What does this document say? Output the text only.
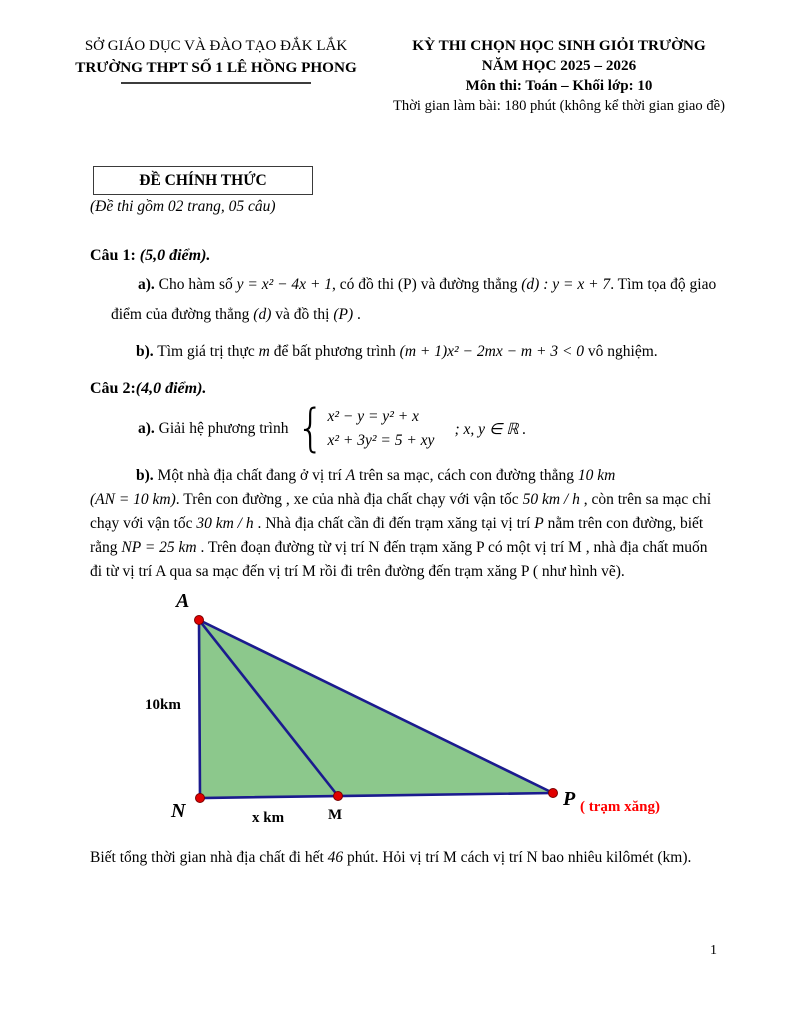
SỞ GIÁO DỤC VÀ ĐÀO TẠO ĐẮK LẮK
TRƯỜNG THPT SỐ 1 LÊ HỒNG PHONG
KỲ THI CHỌN HỌC SINH GIỎI TRƯỜNG
NĂM HỌC 2025 – 2026
Môn thi: Toán – Khối lớp: 10
Thời gian làm bài: 180 phút (không kể thời gian giao đề)
ĐỀ CHÍNH THỨC
(Đề thi gồm 02 trang, 05 câu)
Câu 1: (5,0 điểm).
a). Cho hàm số y = x² − 4x + 1, có đồ thi (P) và đường thẳng (d) : y = x + 7. Tìm tọa độ giao
điểm của đường thẳng (d) và đồ thị (P) .
b). Tìm giá trị thực m để bất phương trình (m + 1)x² − 2mx − m + 3 < 0 vô nghiệm.
Câu 2:(4,0 điểm).
a). Giải hệ phương trình { x² − y = y² + x
x² + 3y² = 5 + xy
; x, y ∈ ℝ .
b). Một nhà địa chất đang ở vị trí A trên sa mạc, cách con đường thẳng 10 km
(AN = 10 km). Trên con đường , xe của nhà địa chất chạy với vận tốc 50 km / h , còn trên sa mạc chỉ
chạy với vận tốc 30 km / h . Nhà địa chất cần đi đến trạm xăng tại vị trí P nằm trên con đường, biết
rằng NP = 25 km . Trên đoạn đường từ vị trí N đến trạm xăng P có một vị trí M , nhà địa chất muốn
đi từ vị trí A qua sa mạc đến vị trí M rồi đi trên đường đến trạm xăng P ( như hình vẽ).
A
N	M
P
10km
x km
( trạm xăng)
Biết tổng thời gian nhà địa chất đi hết 46 phút. Hỏi vị trí M cách vị trí N bao nhiêu kilômét (km).
1
